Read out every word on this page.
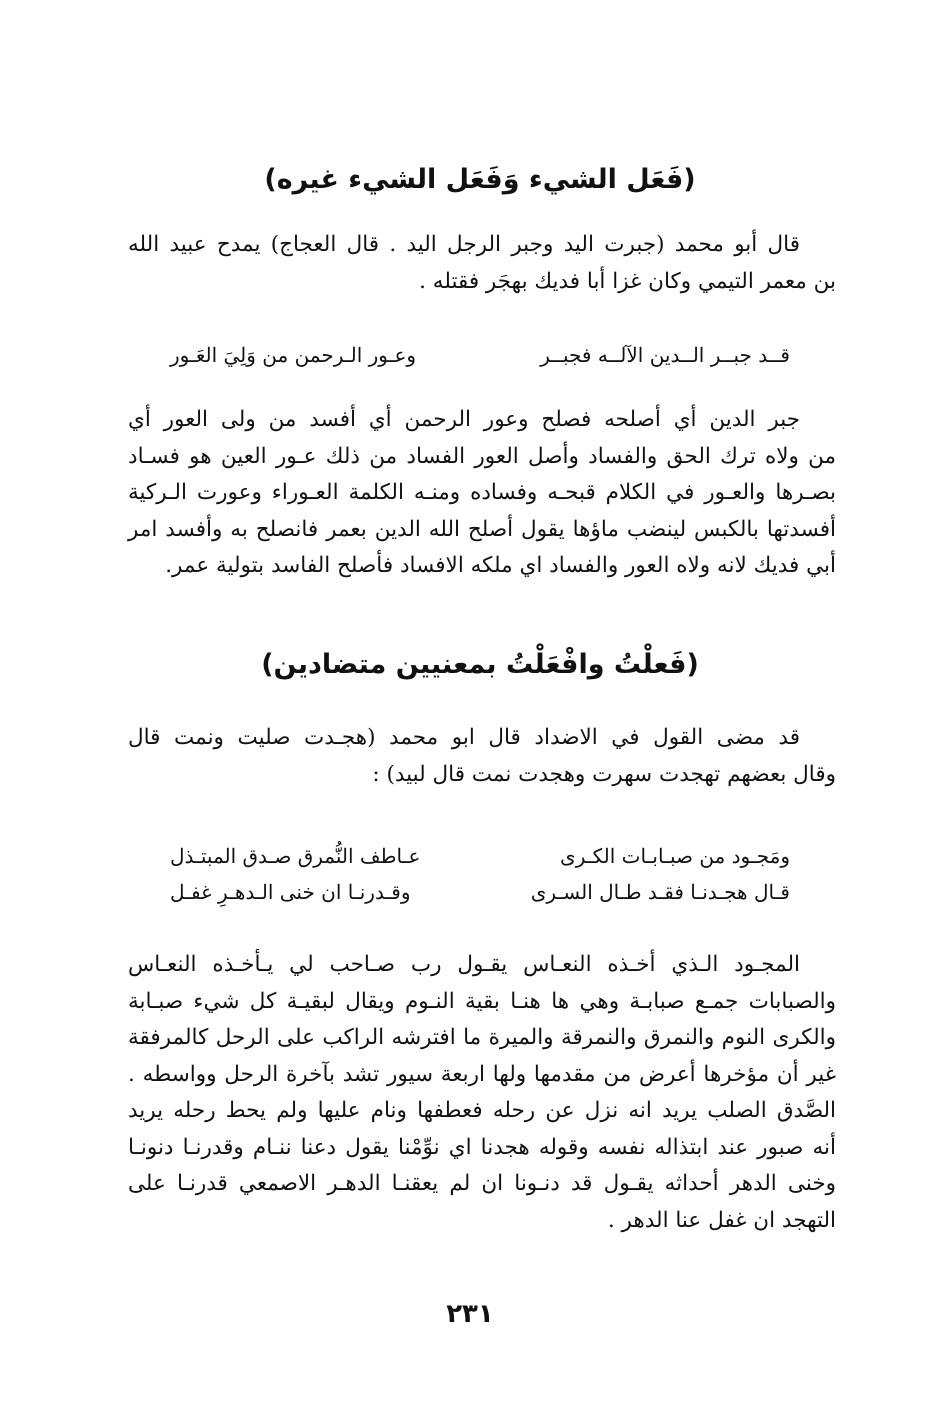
(فَعَل الشيء وَفَعَل الشيء غيره)
قال أبو محمد (جبرت اليد وجبر الرجل اليد . قال العجاج) يمدح عبيد الله
بن معمر التيمي وكان غزا أبا فديك بهجَر فقتله .
قــد جبــر الــدين الآلــه فجبــر
وعـور الـرحمن من وَلِيَ العَـور
جبر الدين أي أصلحه فصلح وعور الرحمن أي أفسد من ولى العور أي
من ولاه ترك الحق والفساد وأصل العور الفساد من ذلك عـور العين هو فسـاد
بصـرها والعـور في الكلام قبحـه وفساده ومنـه الكلمة العـوراء وعورت الـركية
أفسدتها بالكبس لينضب ماؤها يقول أصلح الله الدين بعمر فانصلح به وأفسد امر
أبي فديك لانه ولاه العور والفساد اي ملكه الافساد فأصلح الفاسد بتولية عمر.
(فَعلْتُ وافْعَلْتُ بمعنيين متضادين)
قد مضى القول في الاضداد قال ابو محمد (هجـدت صليت ونمت قال
وقال بعضهم تهجدت سهرت وهجدت نمت قال لبيد) :
ومَجـود من صبـابـات الكـرى
عـاطف النُّمرق صـدق المبتـذل
قـال هجـدنـا فقـد طـال السـرى
وقـدرنـا ان خنى الـدهـرِ غفـل
المجـود الـذي أخـذه النعـاس يقـول رب صـاحب لي يـأخـذه النعـاس
والصبابات جمـع صبابـة وهي ها هنـا بقية النـوم ويقال لبقيـة كل شيء صبـابة
والكرى النوم والنمرق والنمرقة والميرة ما افترشه الراكب على الرحل كالمرفقة
غير أن مؤخرها أعرض من مقدمها ولها اربعة سيور تشد بآخرة الرحل وواسطه .
الصَّدق الصلب يريد انه نزل عن رحله فعطفها ونام عليها ولم يحط رحله يريد
أنه صبور عند ابتذاله نفسه وقوله هجدنا اي نوِّمْنا يقول دعنا ننـام وقدرنـا دنونـا
وخنى الدهر أحداثه يقـول قد دنـونا ان لم يعقنـا الدهـر الاصمعي قدرنـا على
التهجد ان غفل عنا الدهر .
٢٣١
